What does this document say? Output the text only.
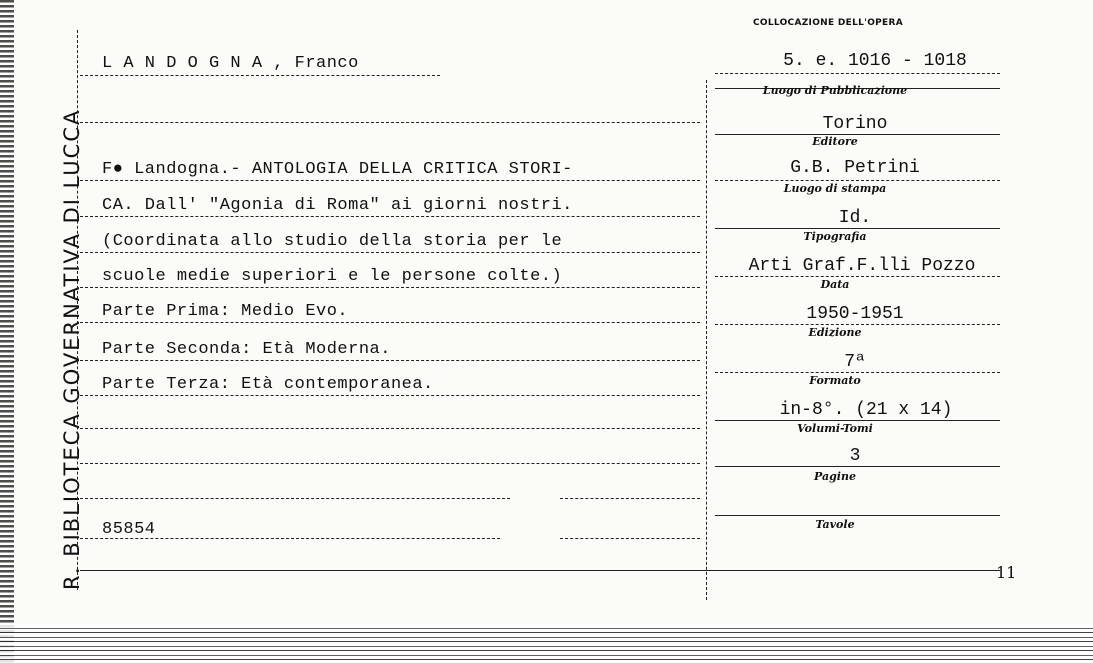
R. BIBLIOTECA GOVERNATIVA DI LUCCA
COLLOCAZIONE DELL'OPERA
L A N D O G N A , Franco	5. e. 1016 - 1018
F● Landogna.- ANTOLOGIA DELLA CRITICA STORI-
CA. Dall' "Agonia di Roma" ai giorni nostri.
(Coordinata allo studio della storia per le
scuole medie superiori e le persone colte.)
Parte Prima: Medio Evo.
Parte Seconda: Età Moderna.
Parte Terza: Età contemporanea.
85854
Luogo di Pubblicazione
Torino
Editore
G.B. Petrini
Luogo di stampa
Id.
Tipografia
Arti Graf.F.lli Pozzo
Data
1950-1951
Edizione
7ª
Formato
in-8°. (21 x 14)
Volumi-Tomi
3
Pagine
Tavole
11
